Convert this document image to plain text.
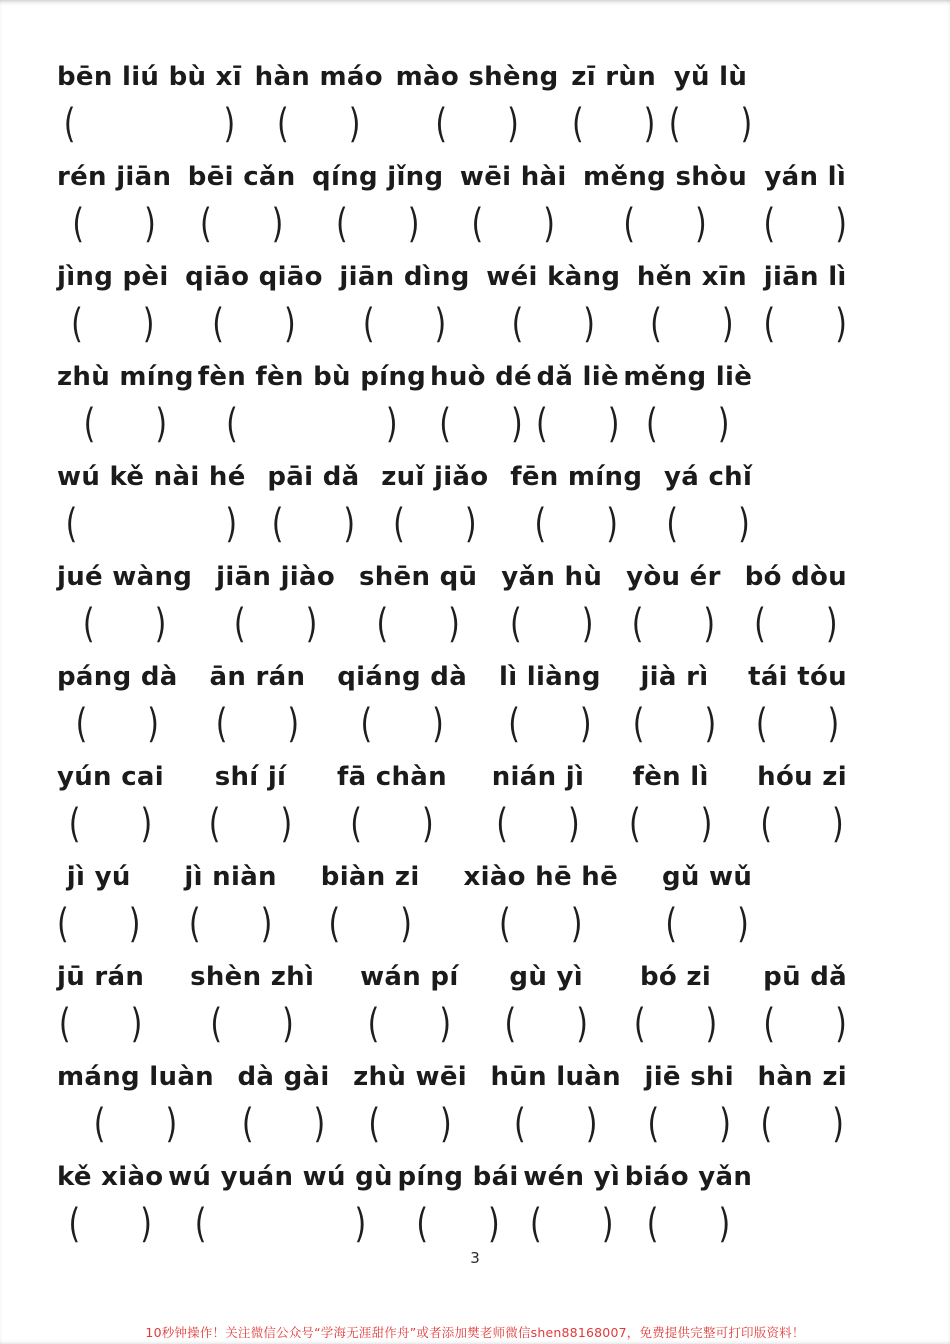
bēn liú bù xī
(	)
hàn máo
( )
mào shèng
( )
zī rùn
( )
yǔ lù
( )
rén jiān
( )
bēi cǎn
( )
qíng jǐng
( )
wēi hài
( )
měng shòu
( )
yán lì
( )
jìng pèi
( )
qiāo qiāo
( )
jiān dìng
( )
wéi kàng
( )
hěn xīn
( )
jiān lì
( )
zhù míng
( )
fèn fèn bù píng
(	)
huò dé
( )
dǎ liè
( )
měng liè
( )
wú kě nài hé
(	)
pāi dǎ
( )
zuǐ jiǎo
( )
fēn míng
( )
yá chǐ
( )
jué wàng
( )
jiān jiào
( )
shēn qū
( )
yǎn hù
( )
yòu ér
( )
bó dòu
( )
páng dà
( )
ān rán
( )
qiáng dà
( )
lì liàng
( )
jià rì
( )
tái tóu
( )
yún cai
( )
shí jí
( )
fā chàn
( )
nián jì
( )
fèn lì
( )
hóu zi
( )
jì yú
( )
jì niàn
( )
biàn zi
( )
xiào hē hē
( )
gǔ wǔ
( )
jū rán
( )
shèn zhì
( )
wán pí
( )
gù yì
( )
bó zi
( )
pū dǎ
( )
máng luàn
( )
dà gài
( )
zhù wēi
( )
hūn luàn
( )
jiē shi
( )
hàn zi
( )
kě xiào
( )
wú yuán wú gù
(	)
píng bái
( )
wén yì
( )
biáo yǎn
( )
3
10秒钟操作！关注微信公众号“学海无涯甜作舟”或者添加樊老师微信shen88168007，免费提供完整可打印版资料！
